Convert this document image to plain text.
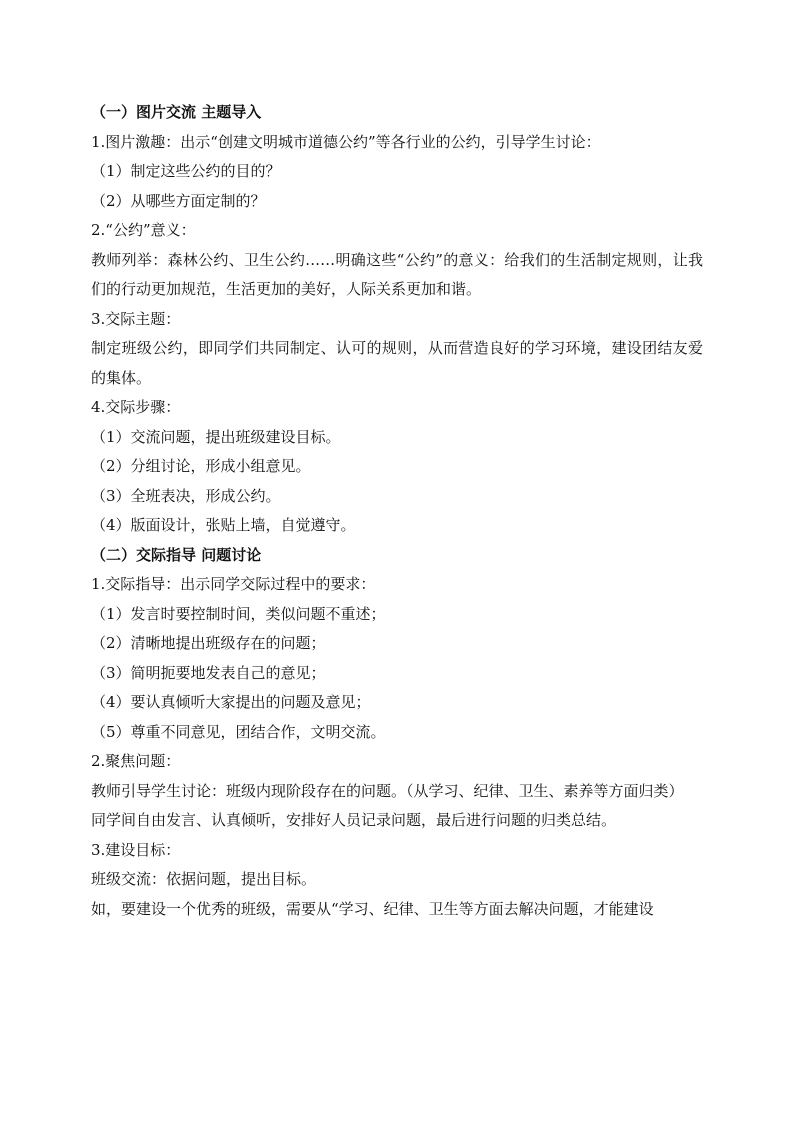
（一）图片交流 主题导入

1.图片激趣：出示“创建文明城市道德公约”等各行业的公约，引导学生讨论：

（1）制定这些公约的目的？

（2）从哪些方面定制的？

2.“公约”意义：

教师列举：森林公约、卫生公约……明确这些“公约”的意义：给我们的生活制定规则，让我们的行动更加规范，生活更加的美好，人际关系更加和谐。

3.交际主题：

制定班级公约，即同学们共同制定、认可的规则，从而营造良好的学习环境，建设团结友爱的集体。

4.交际步骤：

（1）交流问题，提出班级建设目标。

（2）分组讨论，形成小组意见。

（3）全班表决，形成公约。

（4）版面设计，张贴上墙，自觉遵守。

（二）交际指导 问题讨论

1.交际指导：出示同学交际过程中的要求：

（1）发言时要控制时间，类似问题不重述；

（2）清晰地提出班级存在的问题；

（3）简明扼要地发表自己的意见；

（4）要认真倾听大家提出的问题及意见；

（5）尊重不同意见，团结合作，文明交流。

2.聚焦问题：

教师引导学生讨论：班级内现阶段存在的问题。（从学习、纪律、卫生、素养等方面归类）

同学间自由发言、认真倾听，安排好人员记录问题，最后进行问题的归类总结。

3.建设目标：

班级交流：依据问题，提出目标。

如，要建设一个优秀的班级，需要从“学习、纪律、卫生等方面去解决问题，才能建设
